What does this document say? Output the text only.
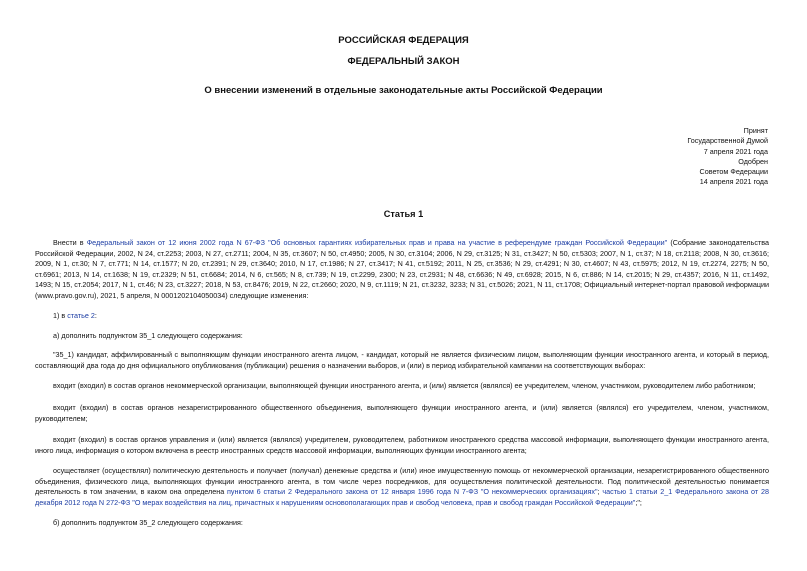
РОССИЙСКАЯ ФЕДЕРАЦИЯ
ФЕДЕРАЛЬНЫЙ ЗАКОН
О внесении изменений в отдельные законодательные акты Российской Федерации
Принят
Государственной Думой
7 апреля 2021 года
Одобрен
Советом Федерации
14 апреля 2021 года
Статья 1

Внести в Федеральный закон от 12 июня 2002 года N 67-ФЗ "Об основных гарантиях избирательных прав и права на участие в референдуме граждан Российской Федерации" (Собрание законодательства Российской Федерации, 2002, N 24, ст.2253; 2003, N 27, ст.2711; 2004, N 35, ст.3607; N 50, ст.4950; 2005, N 30, ст.3104; 2006, N 29, ст.3125; N 31, ст.3427; N 50, ст.5303; 2007, N 1, ст.37; N 18, ст.2118; 2008, N 30, ст.3616; 2009, N 1, ст.30; N 7, ст.771; N 14, ст.1577; N 20, ст.2391; N 29, ст.3640; 2010, N 17, ст.1986; N 27, ст.3417; N 41, ст.5192; 2011, N 25, ст.3536; N 29, ст.4291; N 30, ст.4607; N 43, ст.5975; 2012, N 19, ст.2274, 2275; N 50, ст.6961; 2013, N 14, ст.1638; N 19, ст.2329; N 51, ст.6684; 2014, N 6, ст.565; N 8, ст.739; N 19, ст.2299, 2300; N 23, ст.2931; N 48, ст.6636; N 49, ст.6928; 2015, N 6, ст.886; N 14, ст.2015; N 29, ст.4357; 2016, N 11, ст.1492, 1493; N 15, ст.2054; 2017, N 1, ст.46; N 23, ст.3227; 2018, N 53, ст.8476; 2019, N 22, ст.2660; 2020, N 9, ст.1119; N 21, ст.3232, 3233; N 31, ст.5026; 2021, N 11, ст.1708; Официальный интернет-портал правовой информации (www.pravo.gov.ru), 2021, 5 апреля, N 0001202104050034) следующие изменения:

1) в статье 2:

а) дополнить подпунктом 35_1 следующего содержания:

"35_1) кандидат, аффилированный с выполняющим функции иностранного агента лицом, - кандидат, который не является физическим лицом, выполняющим функции иностранного агента, и который в период, составляющий два года до дня официального опубликования (публикации) решения о назначении выборов, и (или) в период избирательной кампании на соответствующих выборах:

входит (входил) в состав органов некоммерческой организации, выполняющей функции иностранного агента, и (или) является (являлся) ее учредителем, членом, участником, руководителем либо работником;

входит (входил) в состав органов незарегистрированного общественного объединения, выполняющего функции иностранного агента, и (или) является (являлся) его учредителем, членом, участником, руководителем;

входит (входил) в состав органов управления и (или) является (являлся) учредителем, руководителем, работником иностранного средства массовой информации, выполняющего функции иностранного агента, иного лица, информация о котором включена в реестр иностранных средств массовой информации, выполняющих функции иностранного агента;

осуществляет (осуществлял) политическую деятельность и получает (получал) денежные средства и (или) иное имущественную помощь от некоммерческой организации, незарегистрированного общественного объединения, физического лица, выполняющих функции иностранного агента, в том числе через посредников, для осуществления политической деятельности. Под политической деятельностью понимается деятельность в том значении, в каком она определена пунктом 6 статьи 2 Федерального закона от 12 января 1996 года N 7-ФЗ "О некоммерческих организациях"; частью 1 статьи 2_1 Федерального закона от 28 декабря 2012 года N 272-ФЗ "О мерах воздействия на лиц, причастных к нарушениям основополагающих прав и свобод человека, прав и свобод граждан Российской Федерации";";

б) дополнить подпунктом 35_2 следующего содержания:
